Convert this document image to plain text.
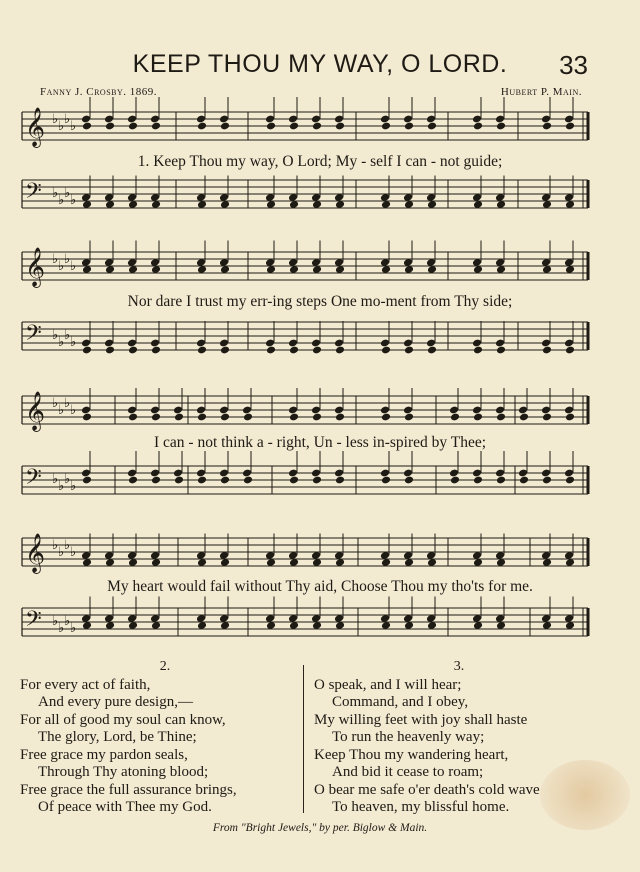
KEEP THOU MY WAY, O LORD.	33
Fanny J. Crosby. 1869.	Hubert P. Main.
𝄞 ♭ ♭ ♭ ♭
𝄢 ♭ ♭ ♭ ♭
𝄞 ♭ ♭ ♭ ♭
𝄢 ♭ ♭ ♭ ♭
𝄞 ♭ ♭ ♭ ♭
𝄢 ♭ ♭ ♭ ♭
𝄞 ♭ ♭ ♭ ♭
𝄢 ♭ ♭ ♭ ♭
1. Keep Thou my way, O Lord; My - self I can - not guide;
Nor dare I trust my err-ing steps One mo-ment from Thy side;
I can - not think a - right, Un - less in-spired by Thee;
My heart would fail without Thy aid, Choose Thou my tho'ts for me.
2.
For every act of faith,
And every pure design,—
For all of good my soul can know,
The glory, Lord, be Thine;
Free grace my pardon seals,
Through Thy atoning blood;
Free grace the full assurance brings,
Of peace with Thee my God.
3.
O speak, and I will hear;
Command, and I obey,
My willing feet with joy shall haste
To run the heavenly way;
Keep Thou my wandering heart,
And bid it cease to roam;
O bear me safe o'er death's cold wave
To heaven, my blissful home.
From "Bright Jewels," by per. Biglow & Main.
